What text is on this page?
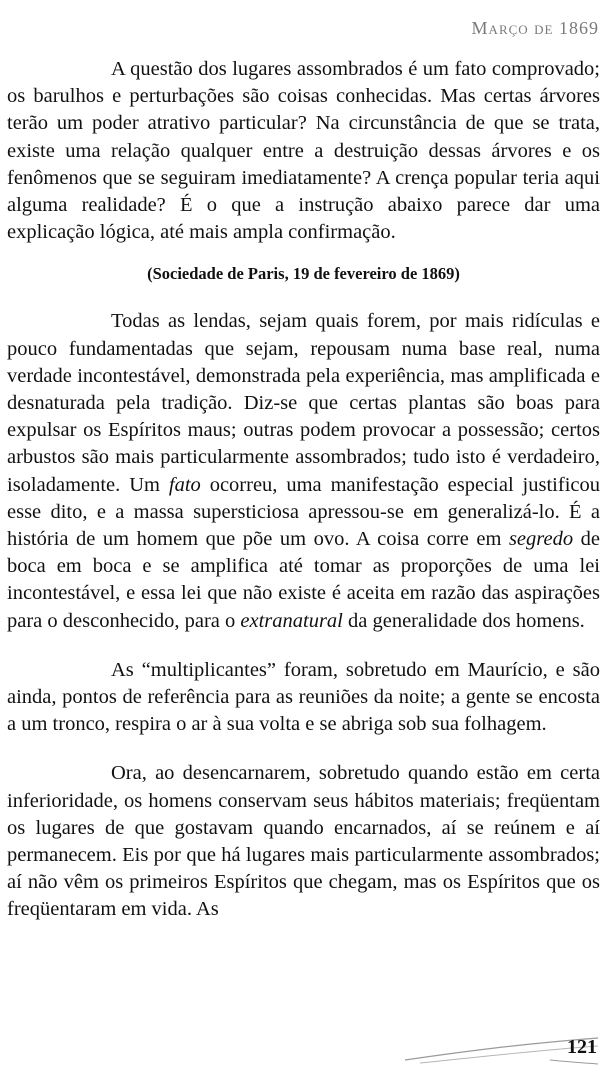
Março de 1869

A questão dos lugares assombrados é um fato comprovado; os barulhos e perturbações são coisas conhecidas. Mas certas árvores terão um poder atrativo particular? Na circunstância de que se trata, existe uma relação qualquer entre a destruição dessas árvores e os fenômenos que se seguiram imediatamente? A crença popular teria aqui alguma realidade? É o que a instrução abaixo parece dar uma explicação lógica, até mais ampla confirmação.

(Sociedade de Paris, 19 de fevereiro de 1869)

Todas as lendas, sejam quais forem, por mais ridículas e pouco fundamentadas que sejam, repousam numa base real, numa verdade incontestável, demonstrada pela experiência, mas amplificada e desnaturada pela tradição. Diz-se que certas plantas são boas para expulsar os Espíritos maus; outras podem provocar a possessão; certos arbustos são mais particularmente assombrados; tudo isto é verdadeiro, isoladamente. Um fato ocorreu, uma manifestação especial justificou esse dito, e a massa supersticiosa apressou-se em generalizá-lo. É a história de um homem que põe um ovo. A coisa corre em segredo de boca em boca e se amplifica até tomar as proporções de uma lei incontestável, e essa lei que não existe é aceita em razão das aspirações para o desconhecido, para o extranatural da generalidade dos homens.

As “multiplicantes” foram, sobretudo em Maurício, e são ainda, pontos de referência para as reuniões da noite; a gente se encosta a um tronco, respira o ar à sua volta e se abriga sob sua folhagem.

Ora, ao desencarnarem, sobretudo quando estão em certa inferioridade, os homens conservam seus hábitos materiais; freqüentam os lugares de que gostavam quando encarnados, aí se reúnem e aí permanecem. Eis por que há lugares mais particularmente assombrados; aí não vêm os primeiros Espíritos que chegam, mas os Espíritos que os freqüentaram em vida. As

121
